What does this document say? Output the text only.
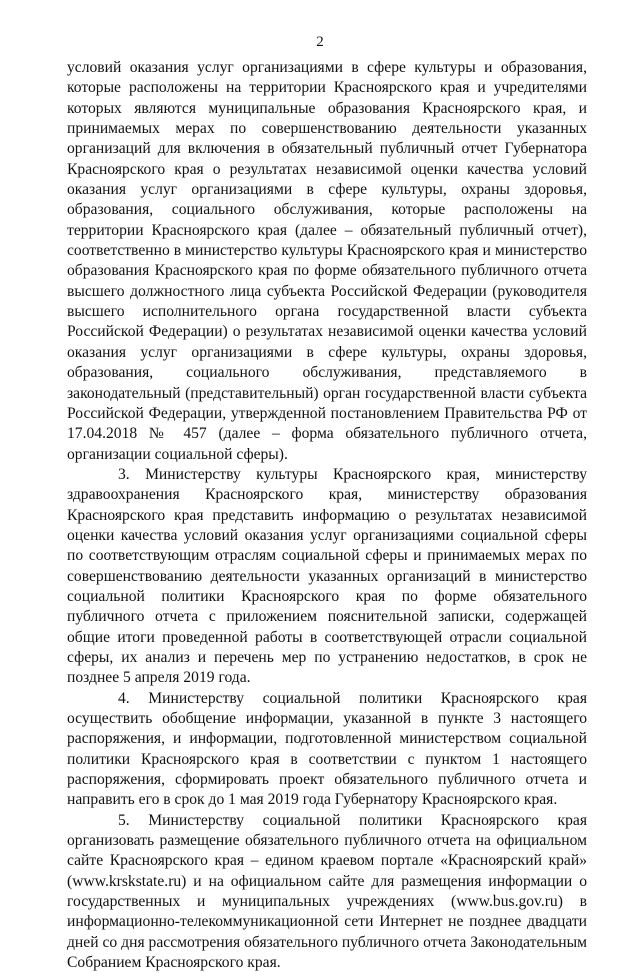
2

условий оказания услуг организациями в сфере культуры и образования, которые расположены на территории Красноярского края и учредителями которых являются муниципальные образования Красноярского края, и принимаемых мерах по совершенствованию деятельности указанных организаций для включения в обязательный публичный отчет Губернатора Красноярского края о результатах независимой оценки качества условий оказания услуг организациями в сфере культуры, охраны здоровья, образования, социального обслуживания, которые расположены на территории Красноярского края (далее – обязательный публичный отчет), соответственно в министерство культуры Красноярского края и министерство образования Красноярского края по форме обязательного публичного отчета высшего должностного лица субъекта Российской Федерации (руководителя высшего исполнительного органа государственной власти субъекта Российской Федерации) о результатах независимой оценки качества условий оказания услуг организациями в сфере культуры, охраны здоровья, образования, социального обслуживания, представляемого в законодательный (представительный) орган государственной власти субъекта Российской Федерации, утвержденной постановлением Правительства РФ от 17.04.2018 № 457 (далее – форма обязательного публичного отчета, организации социальной сферы).

3. Министерству культуры Красноярского края, министерству здравоохранения Красноярского края, министерству образования Красноярского края представить информацию о результатах независимой оценки качества условий оказания услуг организациями социальной сферы по соответствующим отраслям социальной сферы и принимаемых мерах по совершенствованию деятельности указанных организаций в министерство социальной политики Красноярского края по форме обязательного публичного отчета с приложением пояснительной записки, содержащей общие итоги проведенной работы в соответствующей отрасли социальной сферы, их анализ и перечень мер по устранению недостатков, в срок не позднее 5 апреля 2019 года.

4. Министерству социальной политики Красноярского края осуществить обобщение информации, указанной в пункте 3 настоящего распоряжения, и информации, подготовленной министерством социальной политики Красноярского края в соответствии с пунктом 1 настоящего распоряжения, сформировать проект обязательного публичного отчета и направить его в срок до 1 мая 2019 года Губернатору Красноярского края.

5. Министерству социальной политики Красноярского края организовать размещение обязательного публичного отчета на официальном сайте Красноярского края – едином краевом портале «Красноярский край» (www.krskstate.ru) и на официальном сайте для размещения информации о государственных и муниципальных учреждениях (www.bus.gov.ru) в информационно-телекоммуникационной сети Интернет не позднее двадцати дней со дня рассмотрения обязательного публичного отчета Законодательным Собранием Красноярского края.
